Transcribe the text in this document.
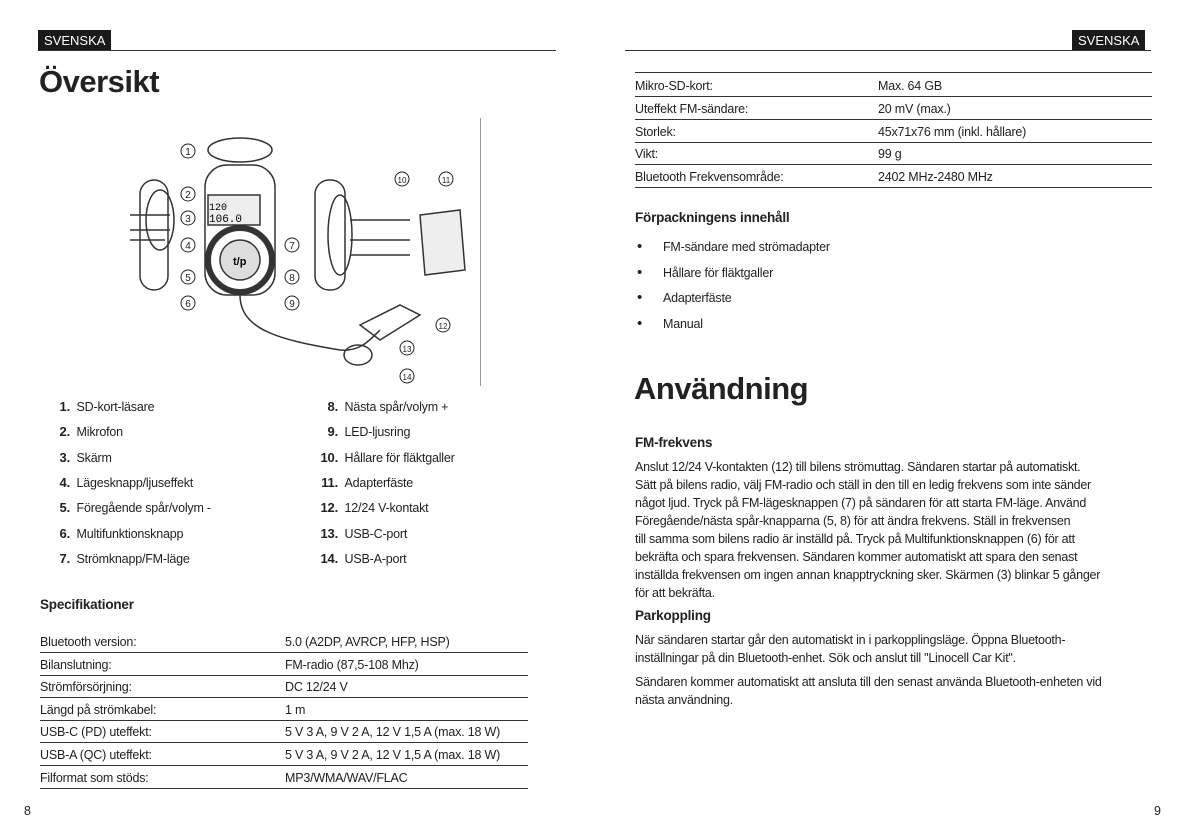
SVENSKA
Översikt
120
106.0
t/p
1
2
3
4
5
6
7
8
9
10	11
12
13
14
1. SD-kort-läsare
2. Mikrofon
3. Skärm
4. Lägesknapp/ljuseffekt
5. Föregående spår/volym -
6. Multifunktionsknapp
7. Strömknapp/FM-läge
8. Nästa spår/volym +
9. LED-ljusring
10. Hållare för fläktgaller
11. Adapterfäste
12. 12/24 V-kontakt
13. USB-C-port
14. USB-A-port
Specifikationer
Bluetooth version:	5.0 (A2DP, AVRCP, HFP, HSP)
Bilanslutning:	FM-radio (87,5-108 Mhz)
Strömförsörjning:	DC 12/24 V
Längd på strömkabel:	1 m
USB-C (PD) uteffekt:	5 V 3 A, 9 V 2 A, 12 V 1,5 A (max. 18 W)
USB-A (QC) uteffekt:	5 V 3 A, 9 V 2 A, 12 V 1,5 A (max. 18 W)
Filformat som stöds:	MP3/WMA/WAV/FLAC
8
SVENSKA
Mikro-SD-kort:	Max. 64 GB
Uteffekt FM-sändare:	20 mV (max.)
Storlek:	45x71x76 mm (inkl. hållare)
Vikt:	99 g
Bluetooth Frekvensområde:	2402 MHz-2480 MHz
Förpackningens innehåll
• FM-sändare med strömadapter
• Hållare för fläktgaller
• Adapterfäste
• Manual
Användning
FM-frekvens
Anslut 12/24 V-kontakten (12) till bilens strömuttag. Sändaren startar på automatiskt.
Sätt på bilens radio, välj FM-radio och ställ in den till en ledig frekvens som inte sänder
något ljud. Tryck på FM-lägesknappen (7) på sändaren för att starta FM-läge. Använd
Föregående/nästa spår-knapparna (5, 8) för att ändra frekvens. Ställ in frekvensen
till samma som bilens radio är inställd på. Tryck på Multifunktionsknappen (6) för att
bekräfta och spara frekvensen. Sändaren kommer automatiskt att spara den senast
inställda frekvensen om ingen annan knapptryckning sker. Skärmen (3) blinkar 5 gånger
för att bekräfta.
Parkoppling
När sändaren startar går den automatiskt in i parkopplingsläge. Öppna Bluetooth-
inställningar på din Bluetooth-enhet. Sök och anslut till "Linocell Car Kit".
Sändaren kommer automatiskt att ansluta till den senast använda Bluetooth-enheten vid
nästa användning.
9
